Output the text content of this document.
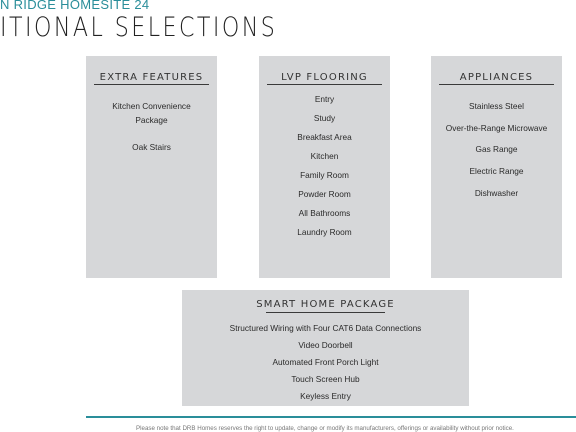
N RIDGE HOMESITE 24
ITIONAL SELECTIONS
EXTRA FEATURES
Kitchen Convenience
Package
Oak Stairs
LVP FLOORING
Entry
Study
Breakfast Area
Kitchen
Family Room
Powder Room
All Bathrooms
Laundry Room
APPLIANCES
Stainless Steel
Over-the-Range Microwave
Gas Range
Electric Range
Dishwasher
SMART HOME PACKAGE
Structured Wiring with Four CAT6 Data Connections
Video Doorbell
Automated Front Porch Light
Touch Screen Hub
Keyless Entry
Please note that DRB Homes reserves the right to update, change or modify its manufacturers, offerings or availability without prior notice.
